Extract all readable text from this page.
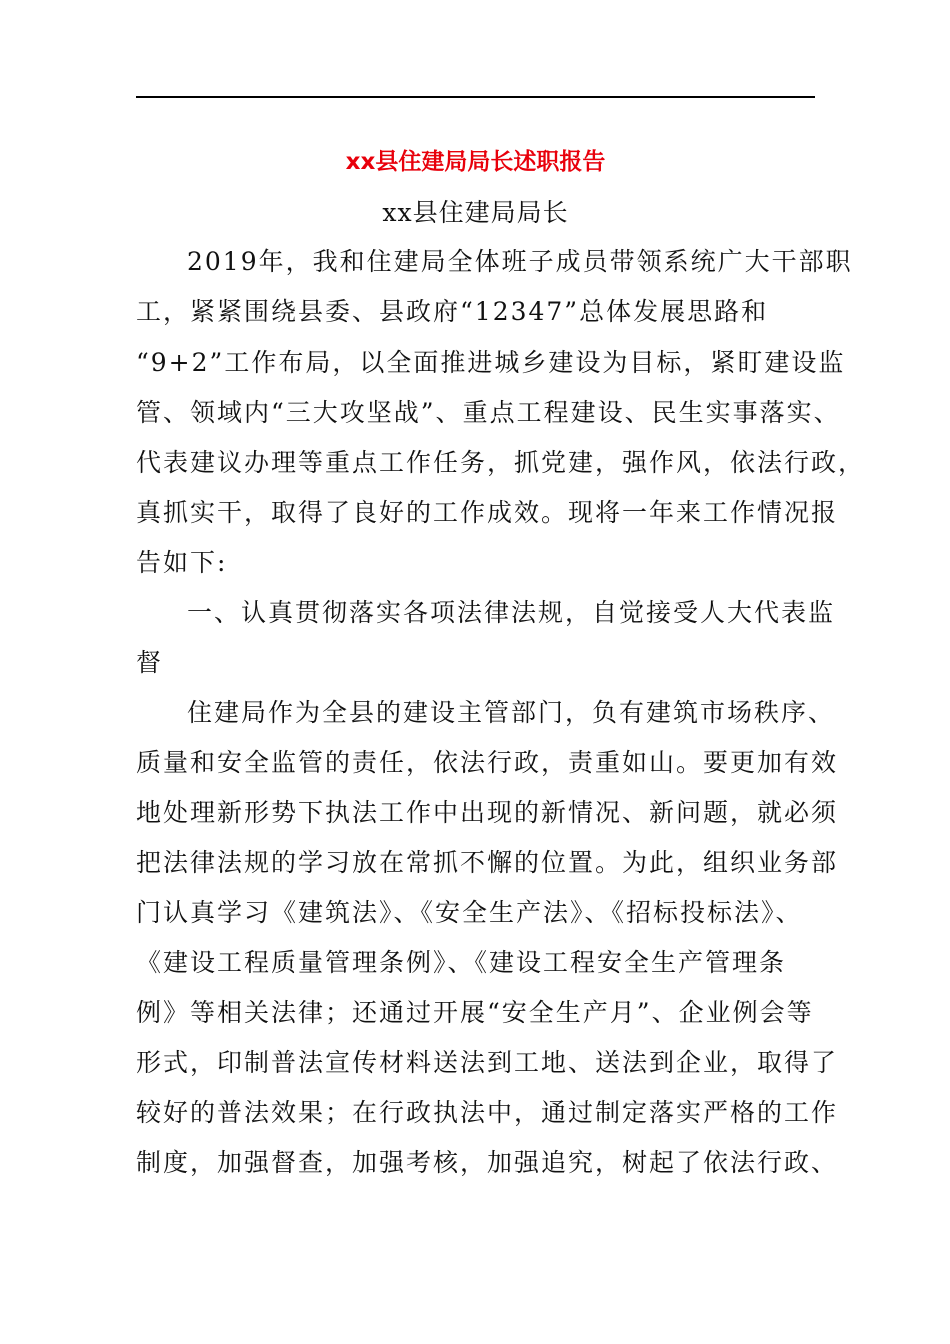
xx县住建局局长述职报告
xx县住建局局长
2019年，我和住建局全体班子成员带领系统广大干部职
工，紧紧围绕县委、县政府“12347”总体发展思路和
“9+2”工作布局，以全面推进城乡建设为目标，紧盯建设监
管、领域内“三大攻坚战”、重点工程建设、民生实事落实、
代表建议办理等重点工作任务，抓党建，强作风，依法行政，
真抓实干，取得了良好的工作成效。现将一年来工作情况报
告如下:
一、认真贯彻落实各项法律法规，自觉接受人大代表监
督
住建局作为全县的建设主管部门，负有建筑市场秩序、
质量和安全监管的责任，依法行政，责重如山。要更加有效
地处理新形势下执法工作中出现的新情况、新问题，就必须
把法律法规的学习放在常抓不懈的位置。为此，组织业务部
门认真学习《建筑法》、《安全生产法》、《招标投标法》、
《建设工程质量管理条例》、《建设工程安全生产管理条
例》等相关法律；还通过开展“安全生产月”、企业例会等
形式，印制普法宣传材料送法到工地、送法到企业，取得了
较好的普法效果；在行政执法中，通过制定落实严格的工作
制度，加强督查，加强考核，加强追究，树起了依法行政、
